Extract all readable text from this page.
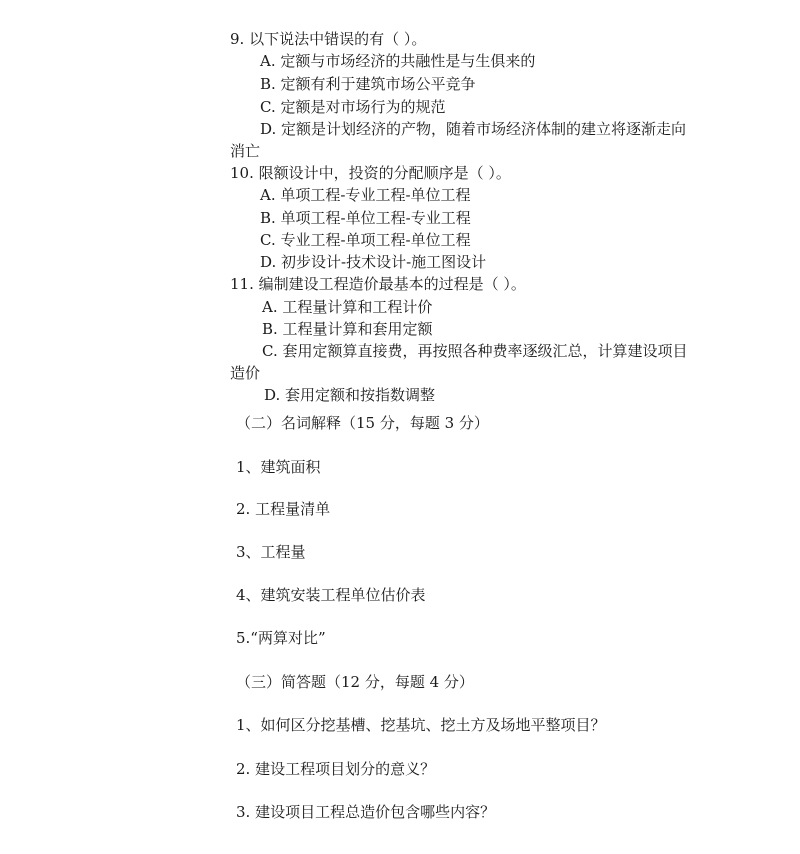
9. 以下说法中错误的有（ ）。
A. 定额与市场经济的共融性是与生俱来的
B. 定额有利于建筑市场公平竞争
C. 定额是对市场行为的规范
D. 定额是计划经济的产物，随着市场经济体制的建立将逐渐走向
消亡
10. 限额设计中，投资的分配顺序是（ ）。
A. 单项工程-专业工程-单位工程
B. 单项工程-单位工程-专业工程
C. 专业工程-单项工程-单位工程
D. 初步设计-技术设计-施工图设计
11. 编制建设工程造价最基本的过程是（ ）。
A. 工程量计算和工程计价
B. 工程量计算和套用定额
C. 套用定额算直接费，再按照各种费率逐级汇总，计算建设项目
造价
D. 套用定额和按指数调整
（二）名词解释（15 分，每题 3 分）
1、建筑面积
2. 工程量清单
3、工程量
4、建筑安装工程单位估价表
5.“两算对比”
（三）简答题（12 分，每题 4 分）
1、如何区分挖基槽、挖基坑、挖土方及场地平整项目？
2. 建设工程项目划分的意义？
3. 建设项目工程总造价包含哪些内容？
